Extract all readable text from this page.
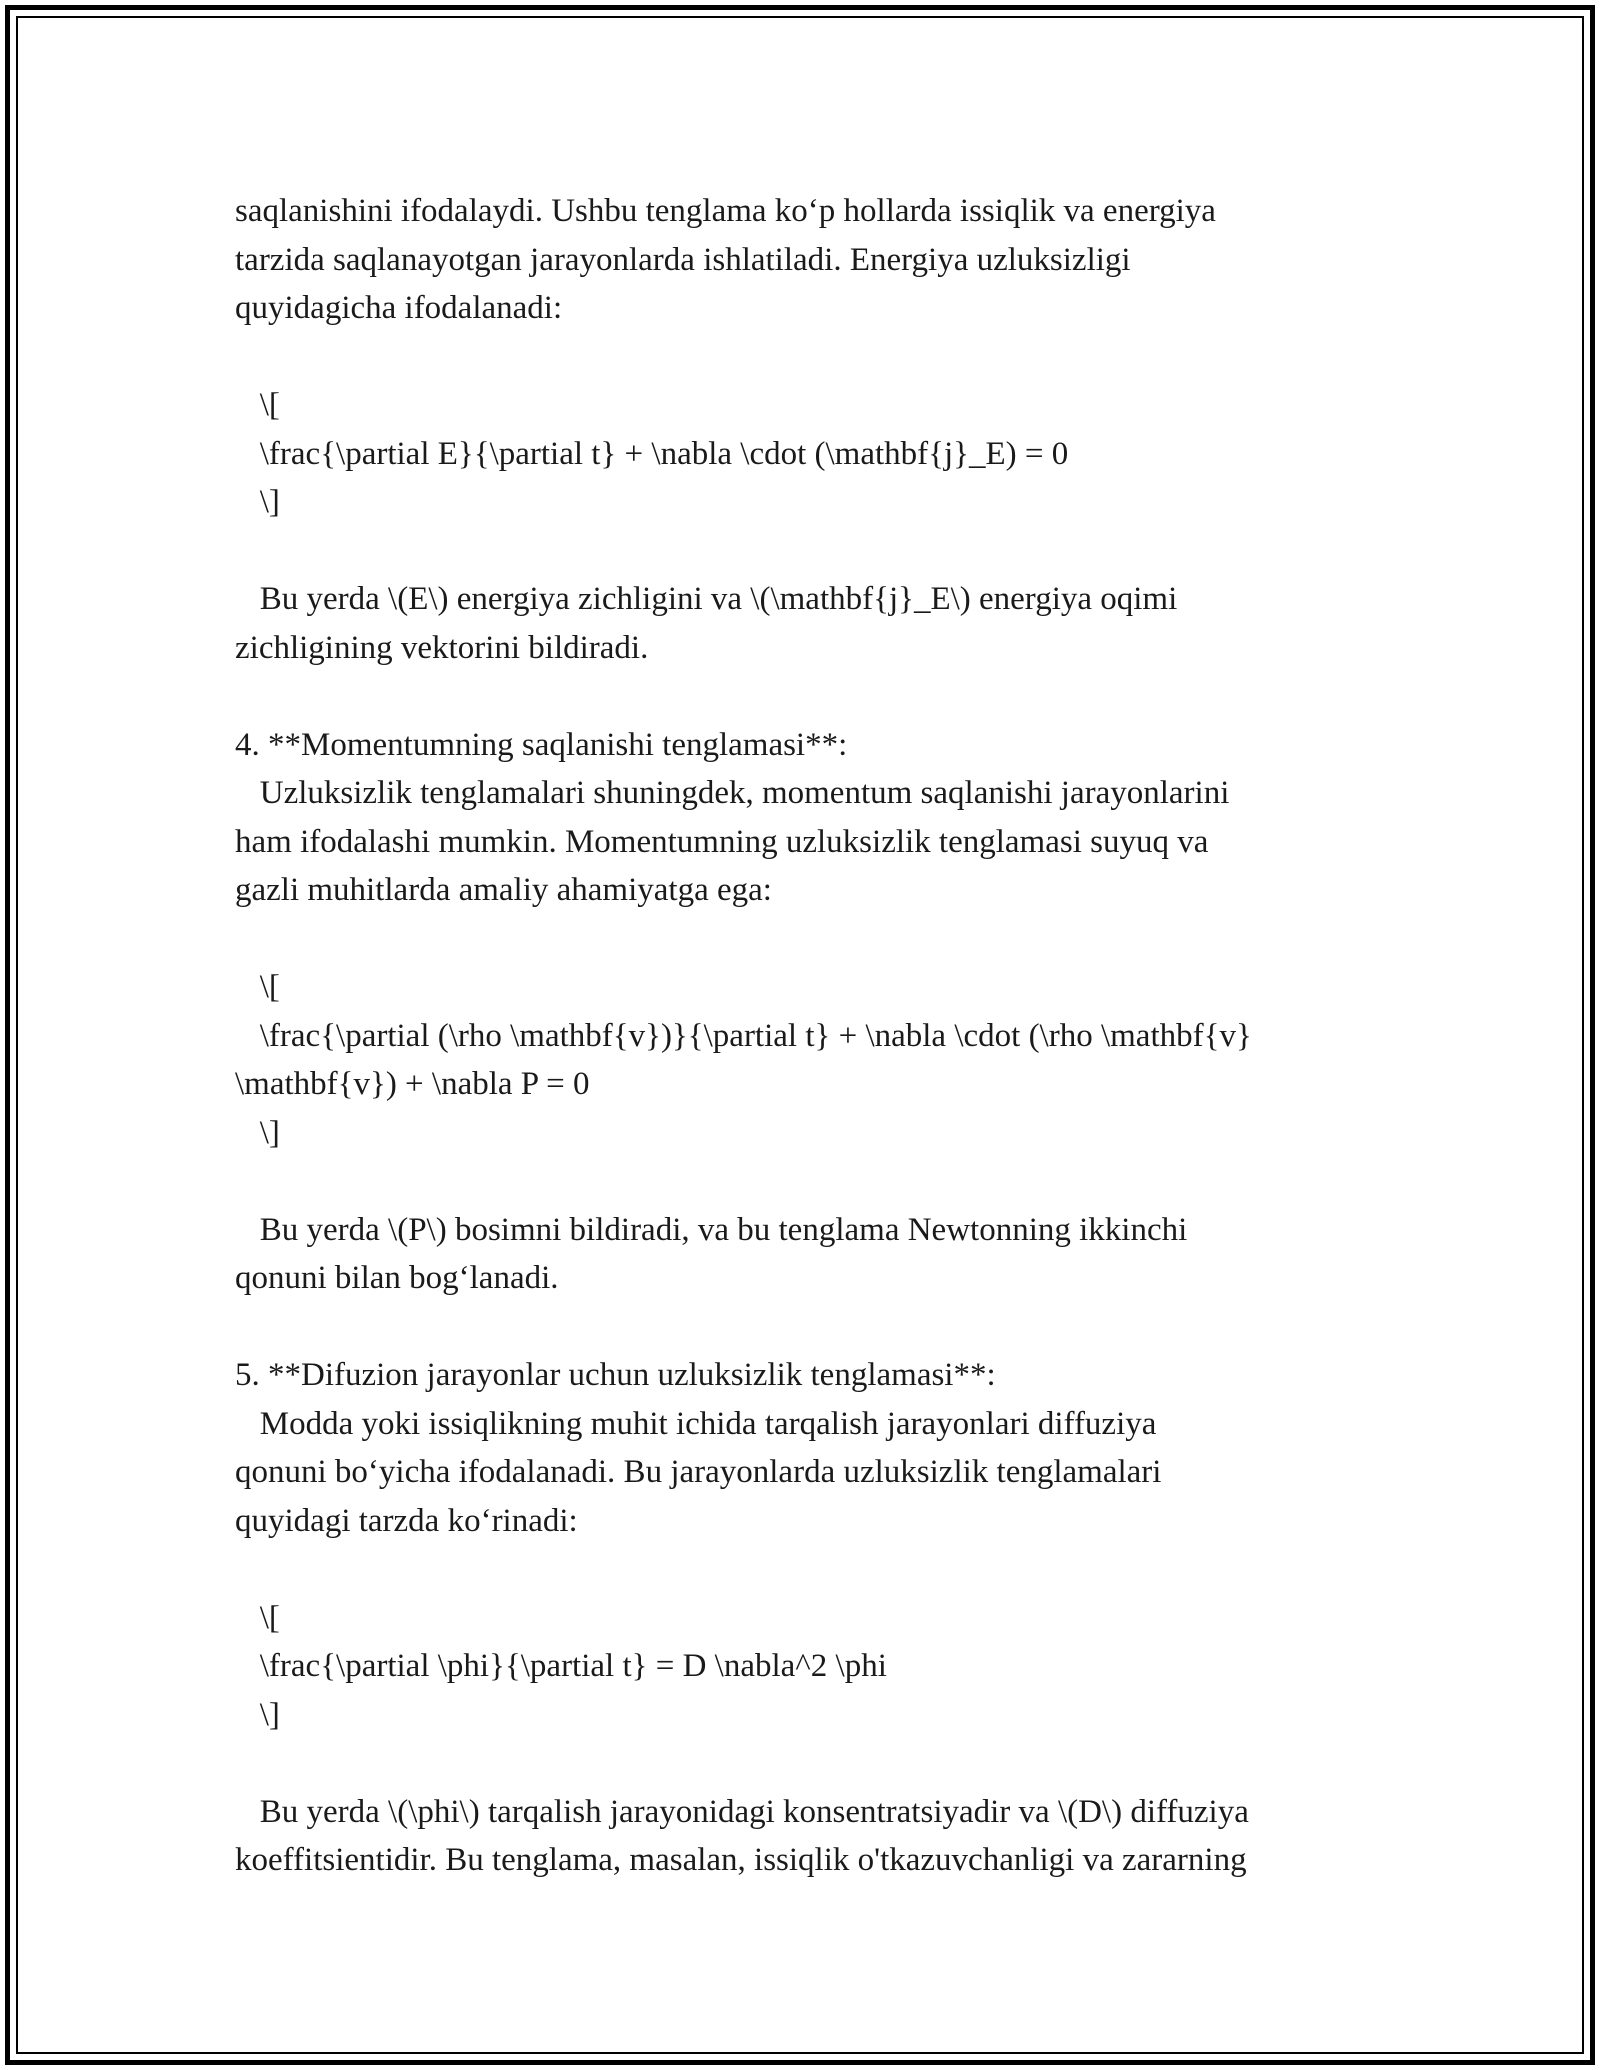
saqlanishini ifodalaydi. Ushbu tenglama ko‘p hollarda issiqlik va energiya
tarzida saqlanayotgan jarayonlarda ishlatiladi. Energiya uzluksizligi
quyidagicha ifodalanadi:
\[
\frac{\partial E}{\partial t} + \nabla \cdot (\mathbf{j}_E) = 0
\]
Bu yerda \(E\) energiya zichligini va \(\mathbf{j}_E\) energiya oqimi
zichligining vektorini bildiradi.
4. **Momentumning saqlanishi tenglamasi**:
Uzluksizlik tenglamalari shuningdek, momentum saqlanishi jarayonlarini
ham ifodalashi mumkin. Momentumning uzluksizlik tenglamasi suyuq va
gazli muhitlarda amaliy ahamiyatga ega:
\[
\frac{\partial (\rho \mathbf{v})}{\partial t} + \nabla \cdot (\rho \mathbf{v}
\mathbf{v}) + \nabla P = 0
\]
Bu yerda \(P\) bosimni bildiradi, va bu tenglama Newtonning ikkinchi
qonuni bilan bog‘lanadi.
5. **Difuzion jarayonlar uchun uzluksizlik tenglamasi**:
Modda yoki issiqlikning muhit ichida tarqalish jarayonlari diffuziya
qonuni bo‘yicha ifodalanadi. Bu jarayonlarda uzluksizlik tenglamalari
quyidagi tarzda ko‘rinadi:
\[
\frac{\partial \phi}{\partial t} = D \nabla^2 \phi
\]
Bu yerda \(\phi\) tarqalish jarayonidagi konsentratsiyadir va \(D\) diffuziya
koeffitsientidir. Bu tenglama, masalan, issiqlik o'tkazuvchanligi va zararning
